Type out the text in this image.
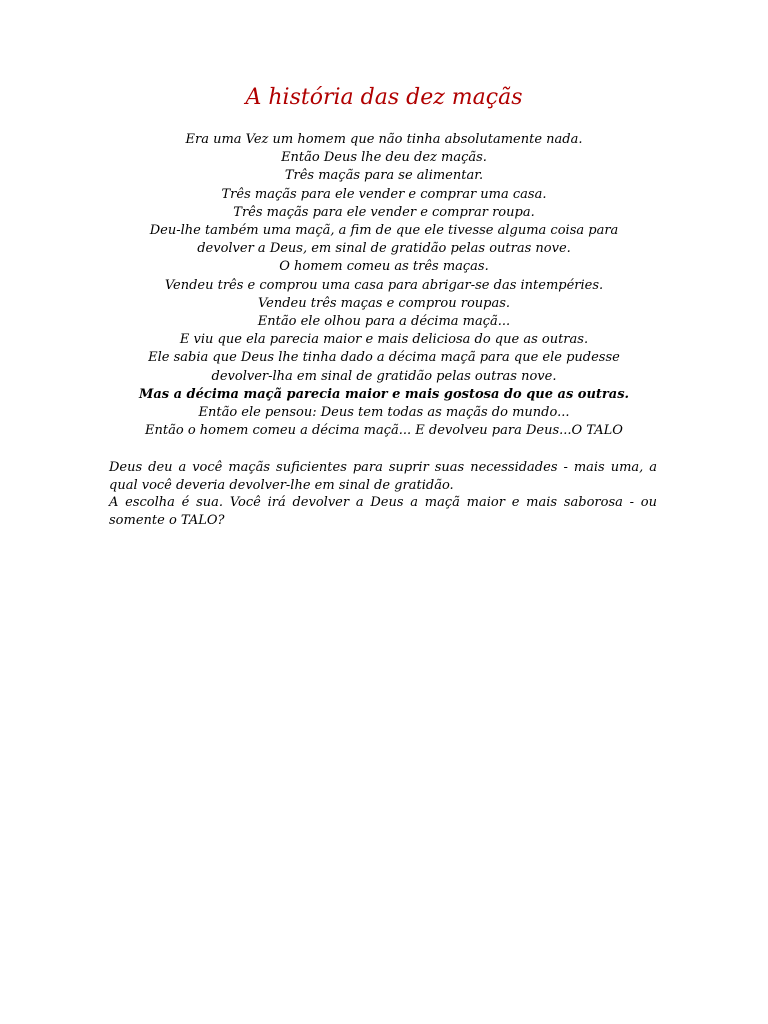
A história das dez maçãs
Era uma Vez um homem que não tinha absolutamente nada.
Então Deus lhe deu dez maçãs.
Três maçãs para se alimentar.
Três maçãs para ele vender e comprar uma casa.
Três maçãs para ele vender e comprar roupa.
Deu-lhe também uma maçã, a fim de que ele tivesse alguma coisa para
devolver a Deus, em sinal de gratidão pelas outras nove.
O homem comeu as três maças.
Vendeu três e comprou uma casa para abrigar-se das intempéries.
Vendeu três maças e comprou roupas.
Então ele olhou para a décima maçã...
E viu que ela parecia maior e mais deliciosa do que as outras.
Ele sabia que Deus lhe tinha dado a décima maçã para que ele pudesse
devolver-lha em sinal de gratidão pelas outras nove.
Mas a décima maçã parecia maior e mais gostosa do que as outras.
Então ele pensou: Deus tem todas as maçãs do mundo...
Então o homem comeu a décima maçã... E devolveu para Deus...O TALO

Deus deu a você maçãs suficientes para suprir suas necessidades - mais uma, a qual você deveria devolver-lhe em sinal de gratidão.

A escolha é sua. Você irá devolver a Deus a maçã maior e mais saborosa - ou somente o TALO?
